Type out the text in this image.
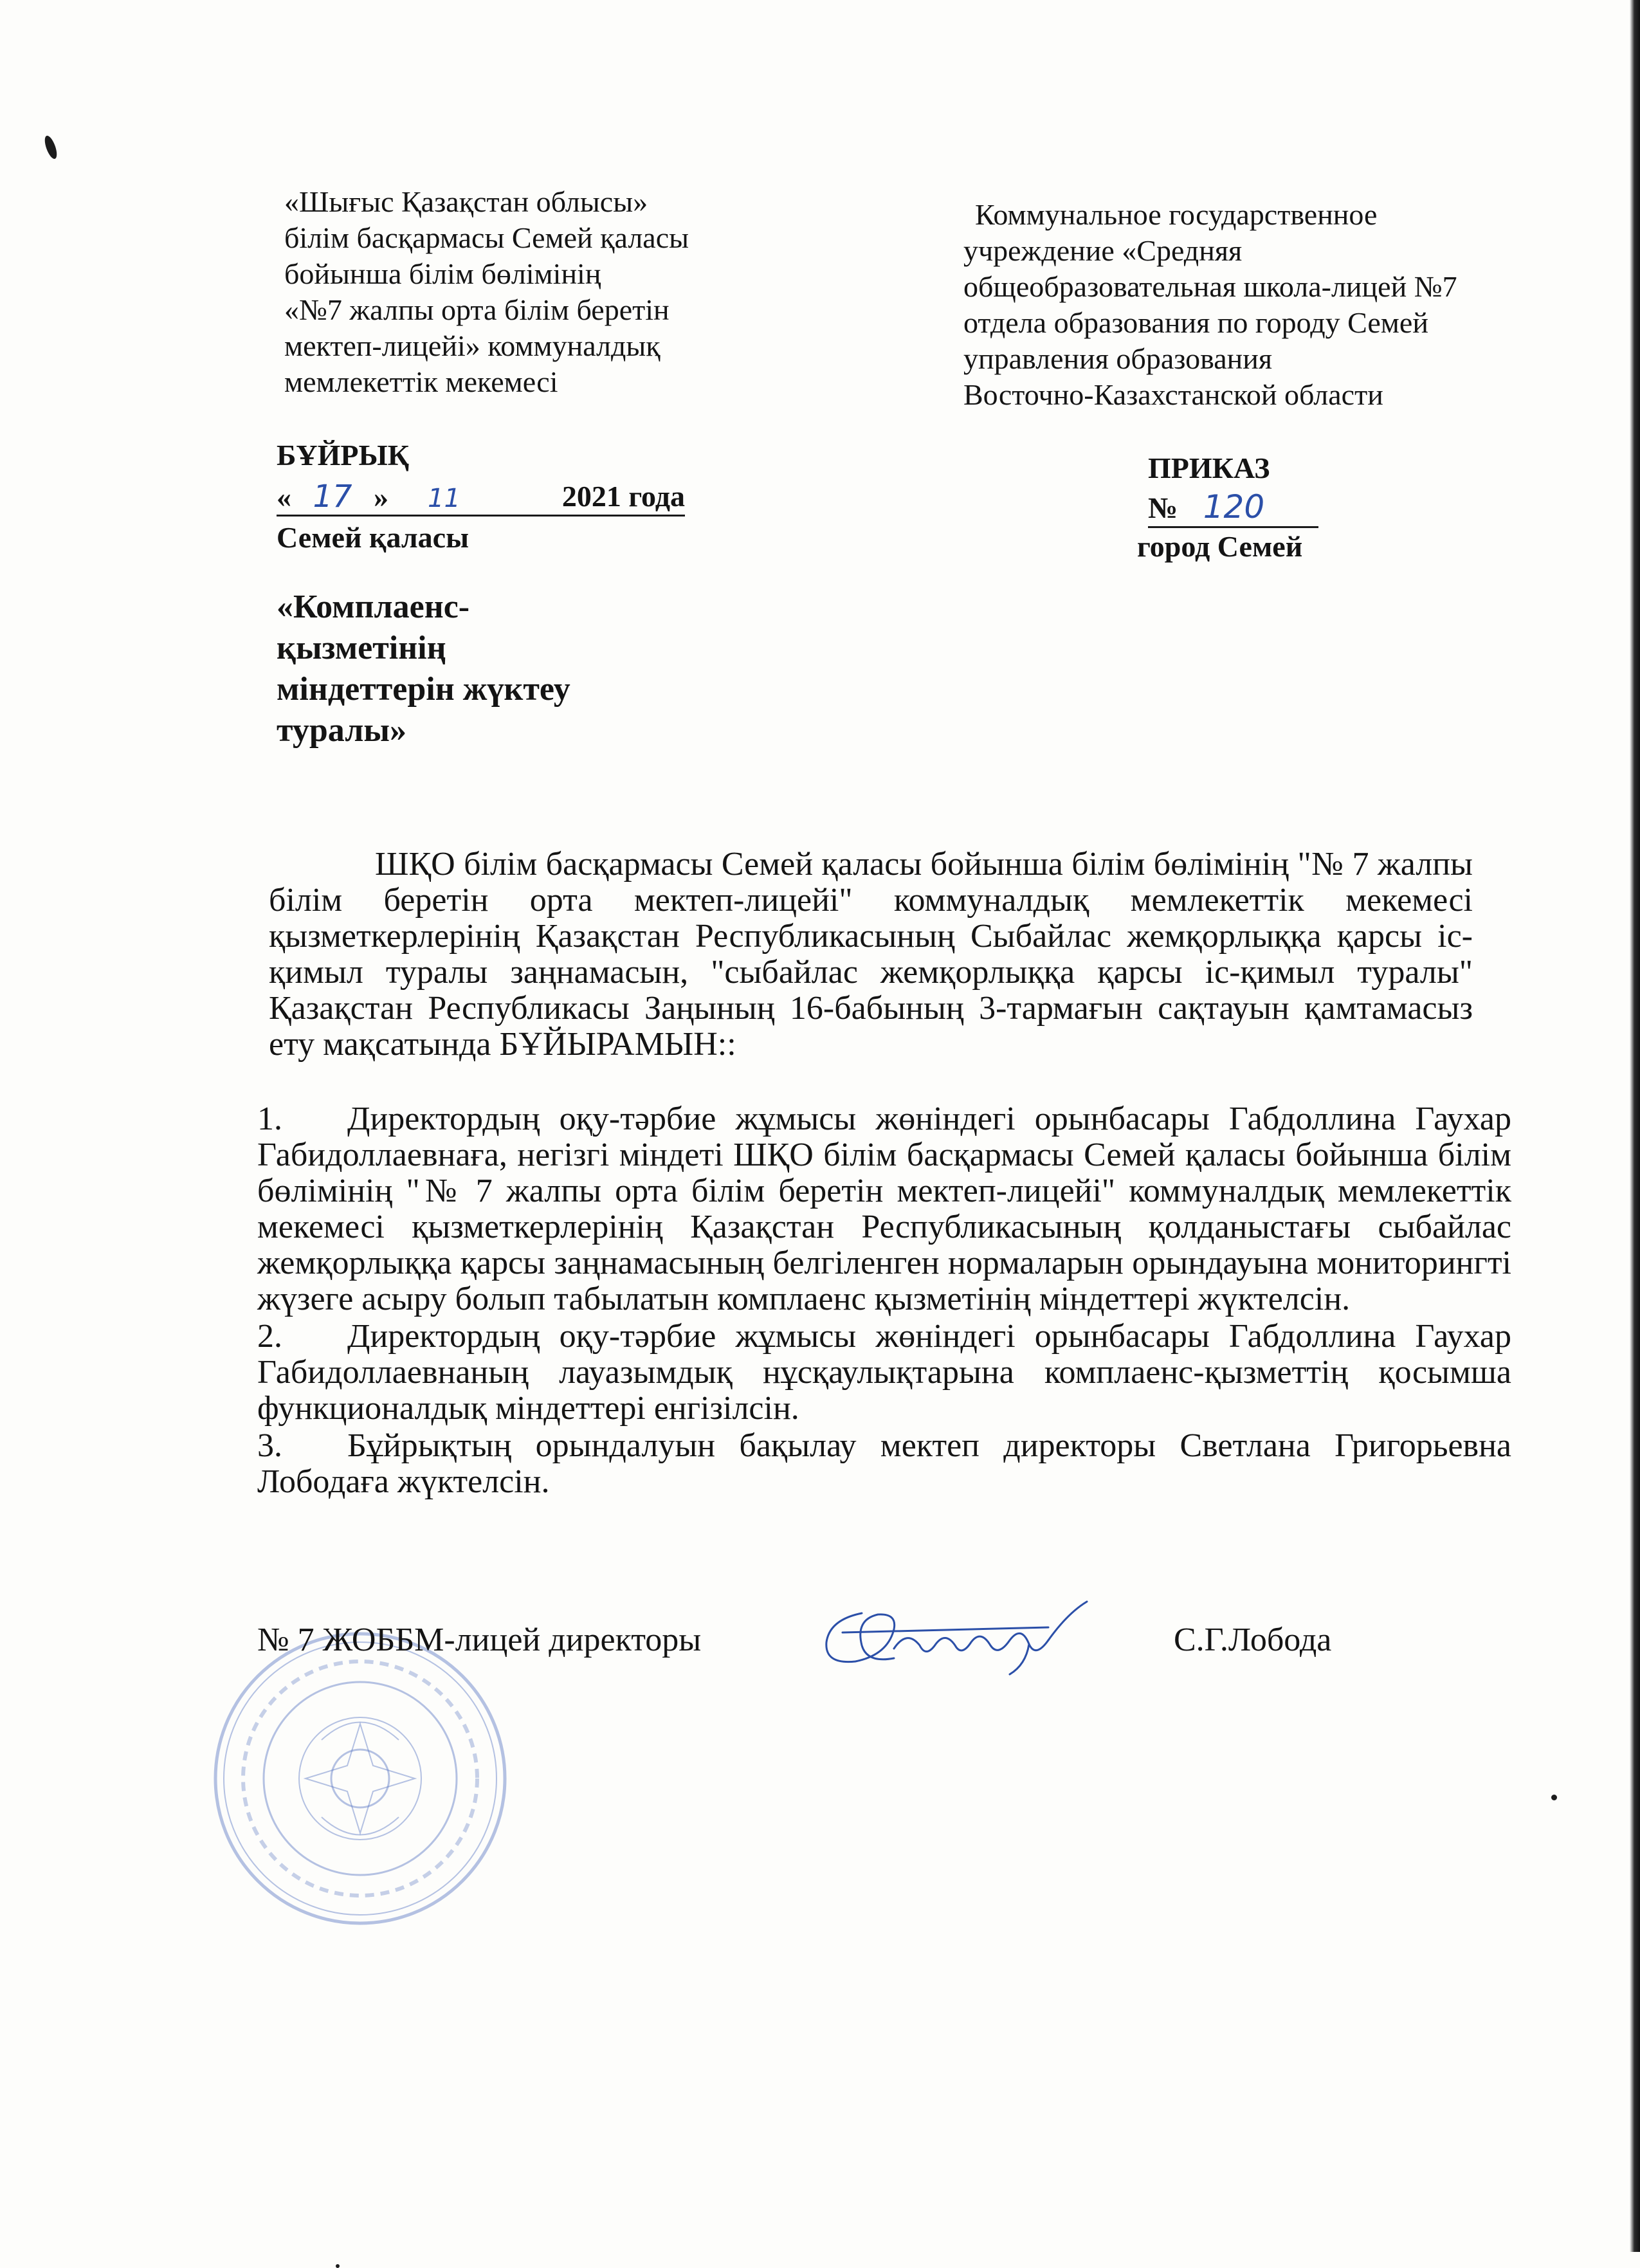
«Шығыс Қазақстан облысы»
білім басқармасы Семей қаласы
бойынша білім бөлімінің
«№7 жалпы орта білім беретін
мектеп-лицейі» коммуналдық
мемлекеттік мекемесі
Коммунальное государственное
учреждение «Средняя
общеобразовательная школа-лицей №7
отдела образования по городу Семей
управления образования
Восточно-Казахстанской области
БҰЙРЫҚ
« 17 » 11	2021 года
Семей қаласы
ПРИКАЗ
№ 120
город Семей
«Комплаенс-
қызметінің
міндеттерін жүктеу
туралы»
ШҚО білім басқармасы Семей қаласы бойынша білім бөлімінің "№ 7 жалпы білім беретін орта мектеп-лицейі" коммуналдық мемлекеттік мекемесі қызметкерлерінің Қазақстан Республикасының Сыбайлас жемқорлыққа қарсы іс-қимыл туралы заңнамасын, "сыбайлас жемқорлыққа қарсы іс-қимыл туралы" Қазақстан Республикасы Заңының 16-бабының 3-тармағын сақтауын қамтамасыз ету мақсатында БҰЙЫРАМЫН::
1. Директордың оқу-тәрбие жұмысы жөніндегі орынбасары Габдоллина Гаухар Габидоллаевнаға, негізгі міндеті ШҚО білім басқармасы Семей қаласы бойынша білім бөлімінің "№ 7 жалпы орта білім беретін мектеп-лицейі" коммуналдық мемлекеттік мекемесі қызметкерлерінің Қазақстан Республикасының қолданыстағы сыбайлас жемқорлыққа қарсы заңнамасының белгіленген нормаларын орындауына мониторингті жүзеге асыру болып табылатын комплаенс қызметінің міндеттері жүктелсін.
2. Директордың оқу-тәрбие жұмысы жөніндегі орынбасары Габдоллина Гаухар Габидоллаевнаның лауазымдық нұсқаулықтарына комплаенс-қызметтің қосымша функционалдық міндеттері енгізілсін.
3. Бұйрықтың орындалуын бақылау мектеп директоры Светлана Григорьевна Лободаға жүктелсін.
№ 7 ЖОББМ-лицей директоры	С.Г.Лобода
